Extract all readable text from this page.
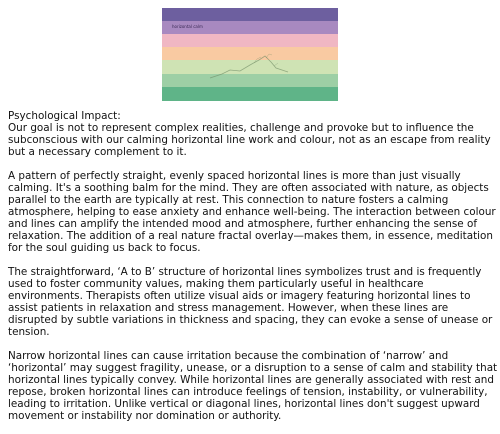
horizontal calm

Psychological Impact:

Our goal is not to represent complex realities, challenge and provoke but to influence the subconscious with our calming horizontal line work and colour, not as an escape from reality but a necessary complement to it.

A pattern of perfectly straight, evenly spaced horizontal lines is more than just visually calming. It's a soothing balm for the mind. They are often associated with nature, as objects parallel to the earth are typically at rest. This connection to nature fosters a calming atmosphere, helping to ease anxiety and enhance well-being. The interaction between colour and lines can amplify the intended mood and atmosphere, further enhancing the sense of relaxation. The addition of a real nature fractal overlay—makes them, in essence, meditation for the soul guiding us back to focus.

The straightforward, ‘A to B’ structure of horizontal lines symbolizes trust and is frequently used to foster community values, making them particularly useful in healthcare environments. Therapists often utilize visual aids or imagery featuring horizontal lines to assist patients in relaxation and stress management. However, when these lines are disrupted by subtle variations in thickness and spacing, they can evoke a sense of unease or tension.

Narrow horizontal lines can cause irritation because the combination of ‘narrow’ and ‘horizontal’ may suggest fragility, unease, or a disruption to a sense of calm and stability that horizontal lines typically convey. While horizontal lines are generally associated with rest and repose, broken horizontal lines can introduce feelings of tension, instability, or vulnerability, leading to irritation. Unlike vertical or diagonal lines, horizontal lines don't suggest upward movement or instability nor domination or authority.
